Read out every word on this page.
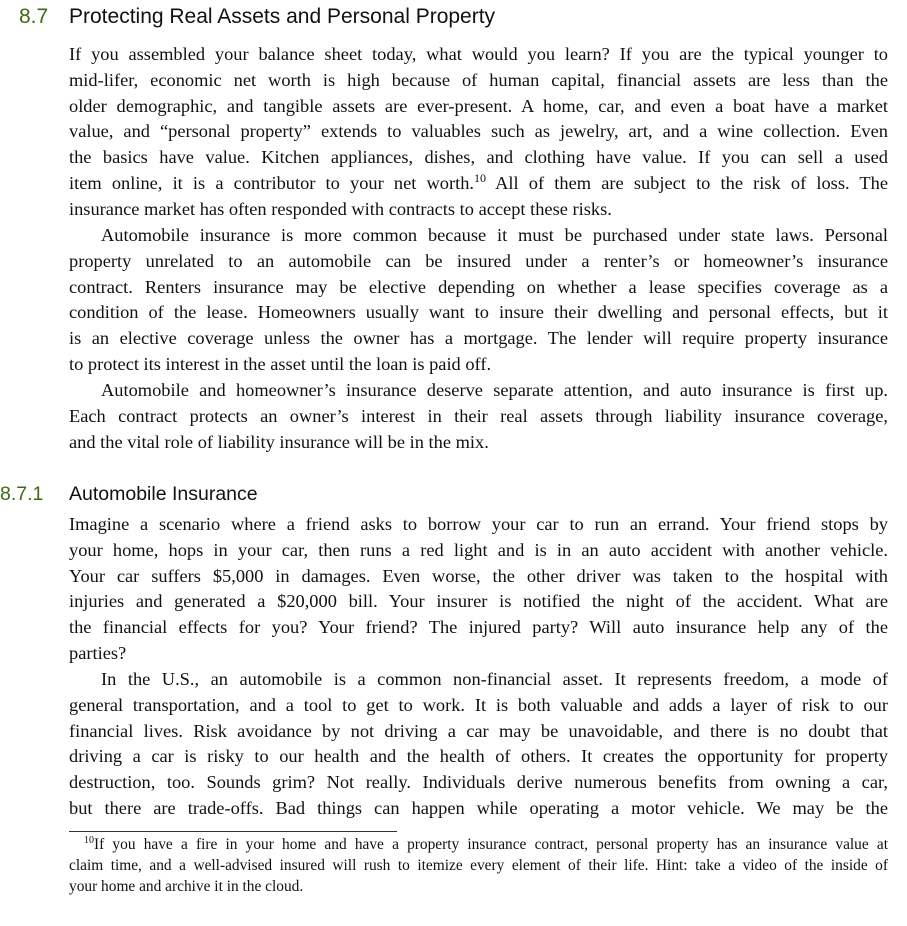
8.7 Protecting Real Assets and Personal Property

If you assembled your balance sheet today, what would you learn? If you are the typical younger to
mid-lifer, economic net worth is high because of human capital, financial assets are less than the
older demographic, and tangible assets are ever-present. A home, car, and even a boat have a market
value, and “personal property” extends to valuables such as jewelry, art, and a wine collection. Even
the basics have value. Kitchen appliances, dishes, and clothing have value. If you can sell a used
item online, it is a contributor to your net worth.$^{10}$ All of them are subject to the risk of loss. The
insurance market has often responded with contracts to accept these risks.

Automobile insurance is more common because it must be purchased under state laws. Personal
property unrelated to an automobile can be insured under a renter’s or homeowner’s insurance
contract. Renters insurance may be elective depending on whether a lease specifies coverage as a
condition of the lease. Homeowners usually want to insure their dwelling and personal effects, but it
is an elective coverage unless the owner has a mortgage. The lender will require property insurance
to protect its interest in the asset until the loan is paid off.

Automobile and homeowner’s insurance deserve separate attention, and auto insurance is first up.
Each contract protects an owner’s interest in their real assets through liability insurance coverage,
and the vital role of liability insurance will be in the mix.

8.7.1 Automobile Insurance

Imagine a scenario where a friend asks to borrow your car to run an errand. Your friend stops by
your home, hops in your car, then runs a red light and is in an auto accident with another vehicle.
Your car suffers $5,000 in damages. Even worse, the other driver was taken to the hospital with
injuries and generated a $20,000 bill. Your insurer is notified the night of the accident. What are
the financial effects for you? Your friend? The injured party? Will auto insurance help any of the
parties?

In the U.S., an automobile is a common non-financial asset. It represents freedom, a mode of
general transportation, and a tool to get to work. It is both valuable and adds a layer of risk to our
financial lives. Risk avoidance by not driving a car may be unavoidable, and there is no doubt that
driving a car is risky to our health and the health of others. It creates the opportunity for property
destruction, too. Sounds grim? Not really. Individuals derive numerous benefits from owning a car,
but there are trade-offs. Bad things can happen while operating a motor vehicle. We may be the

$^{10}$If you have a fire in your home and have a property insurance contract, personal property has an insurance value at
claim time, and a well-advised insured will rush to itemize every element of their life. Hint: take a video of the inside of
your home and archive it in the cloud.
